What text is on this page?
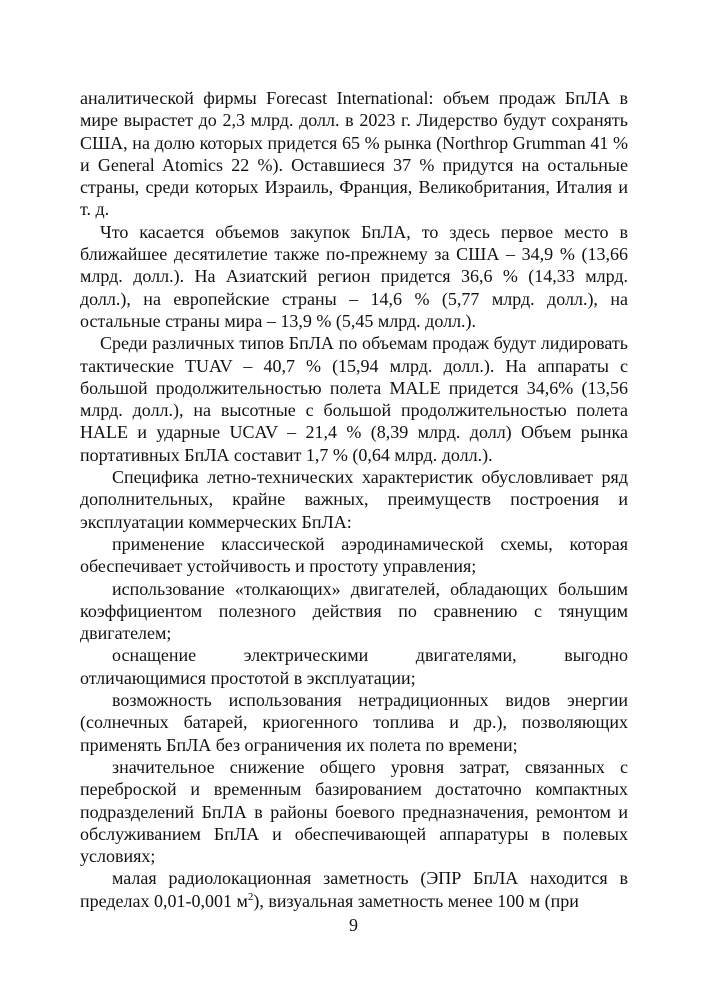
аналитической фирмы Forecast International: объем продаж БпЛА в мире вырастет до 2,3 млрд. долл. в 2023 г. Лидерство будут сохранять США, на долю которых придется 65 % рынка (Northrop Grumman 41 % и General Atomics 22 %). Оставшиеся 37 % придутся на остальные страны, среди которых Израиль, Франция, Великобритания, Италия и т. д.

Что касается объемов закупок БпЛА, то здесь первое место в ближайшее десятилетие также по-прежнему за США – 34,9 % (13,66 млрд. долл.). На Азиатский регион придется 36,6 % (14,33 млрд. долл.), на европейские страны – 14,6 % (5,77 млрд. долл.), на остальные страны мира – 13,9 % (5,45 млрд. долл.).

Среди различных типов БпЛА по объемам продаж будут лидировать тактические TUAV – 40,7 % (15,94 млрд. долл.). На аппараты с большой продолжительностью полета MALE придется 34,6% (13,56 млрд. долл.), на высотные с большой продолжительностью полета HALE и ударные UCAV – 21,4 % (8,39 млрд. долл) Объем рынка портативных БпЛА составит 1,7 % (0,64 млрд. долл.).

Специфика летно-технических характеристик обусловливает ряд дополнительных, крайне важных, преимуществ построения и эксплуатации коммерческих БпЛА:

применение классической аэродинамической схемы, которая обеспечивает устойчивость и простоту управления;

использование «толкающих» двигателей, обладающих большим коэффициентом полезного действия по сравнению с тянущим двигателем;

оснащение электрическими двигателями, выгодно отличающимися простотой в эксплуатации;

возможность использования нетрадиционных видов энергии (солнечных батарей, криогенного топлива и др.), позволяющих применять БпЛА без ограничения их полета по времени;

значительное снижение общего уровня затрат, связанных с переброской и временным базированием достаточно компактных подразделений БпЛА в районы боевого предназначения, ремонтом и обслуживанием БпЛА и обеспечивающей аппаратуры в полевых условиях;

малая радиолокационная заметность (ЭПР БпЛА находится в пределах 0,01-0,001 $м^2$), визуальная заметность менее 100 м (при

9
